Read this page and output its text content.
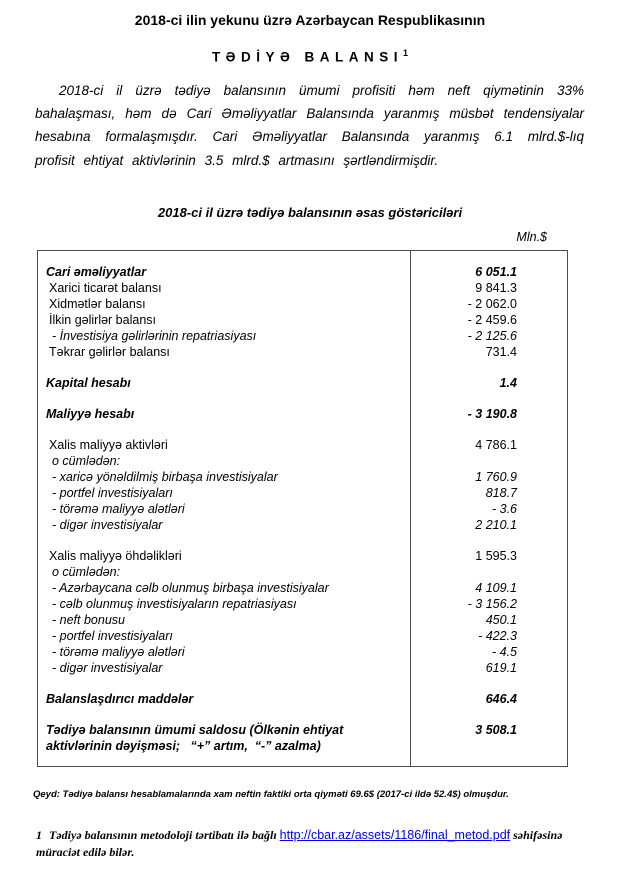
2018-ci ilin yekunu üzrə Azərbaycan Respublikasının
TƏDİYƏ BALANSI$^1$

2018-ci il üzrə tədiyə balansının ümumi profisiti həm neft qiymətinin 33% bahalaşması, həm də Cari Əməliyyatlar Balansında yaranmış müsbət tendensiyalar hesabına formalaşmışdır. Cari Əməliyyatlar Balansında yaranmış 6.1 mlrd.$-lıq profisit ehtiyat aktivlərinin 3.5 mlrd.$ artmasını şərtləndirmişdir.

2018-ci il üzrə tədiyə balansının əsas göstəriciləri
Mln.$
Cari əməliyyatlar	6 051.1
Xarici ticarət balansı	9 841.3
Xidmətlər balansı	- 2 062.0
İlkin gəlirlər balansı	- 2 459.6
- İnvestisiya gəlirlərinin repatriasiyası	- 2 125.6
Təkrar gəlirlər balansı	731.4

Kapital hesabı	1.4

Maliyyə hesabı	- 3 190.8

Xalis maliyyə aktivləri	4 786.1
o cümlədən:	
- xaricə yönəldilmiş birbaşa investisiyalar	1 760.9
- portfel investisiyaları	818.7
- törəmə maliyyə alətləri	- 3.6
- digər investisiyalar	2 210.1

Xalis maliyyə öhdəlikləri	1 595.3
o cümlədən:	
- Azərbaycana cəlb olunmuş birbaşa investisiyalar	4 109.1
- cəlb olunmuş investisiyaların repatriasiyası	- 3 156.2
- neft bonusu	450.1
- portfel investisiyaları	- 422.3
- törəmə maliyyə alətləri	- 4.5
- digər investisiyalar	619.1

Balanslaşdırıcı maddələr	646.4

Tədiyə balansının ümumi saldosu (Ölkənin ehtiyat aktivlərinin dəyişməsi;   “+” artım,  “-” azalma)	3 508.1
Qeyd: Tədiyə balansı hesablamalarında xam neftin faktiki orta qiyməti 69.6$ (2017-ci ildə 52.4$) olmuşdur.
1 Tədiyə balansının metodoloji tərtibatı ilə bağlı http://cbar.az/assets/1186/final_metod.pdf səhifəsinə müraciət edilə bilər.
